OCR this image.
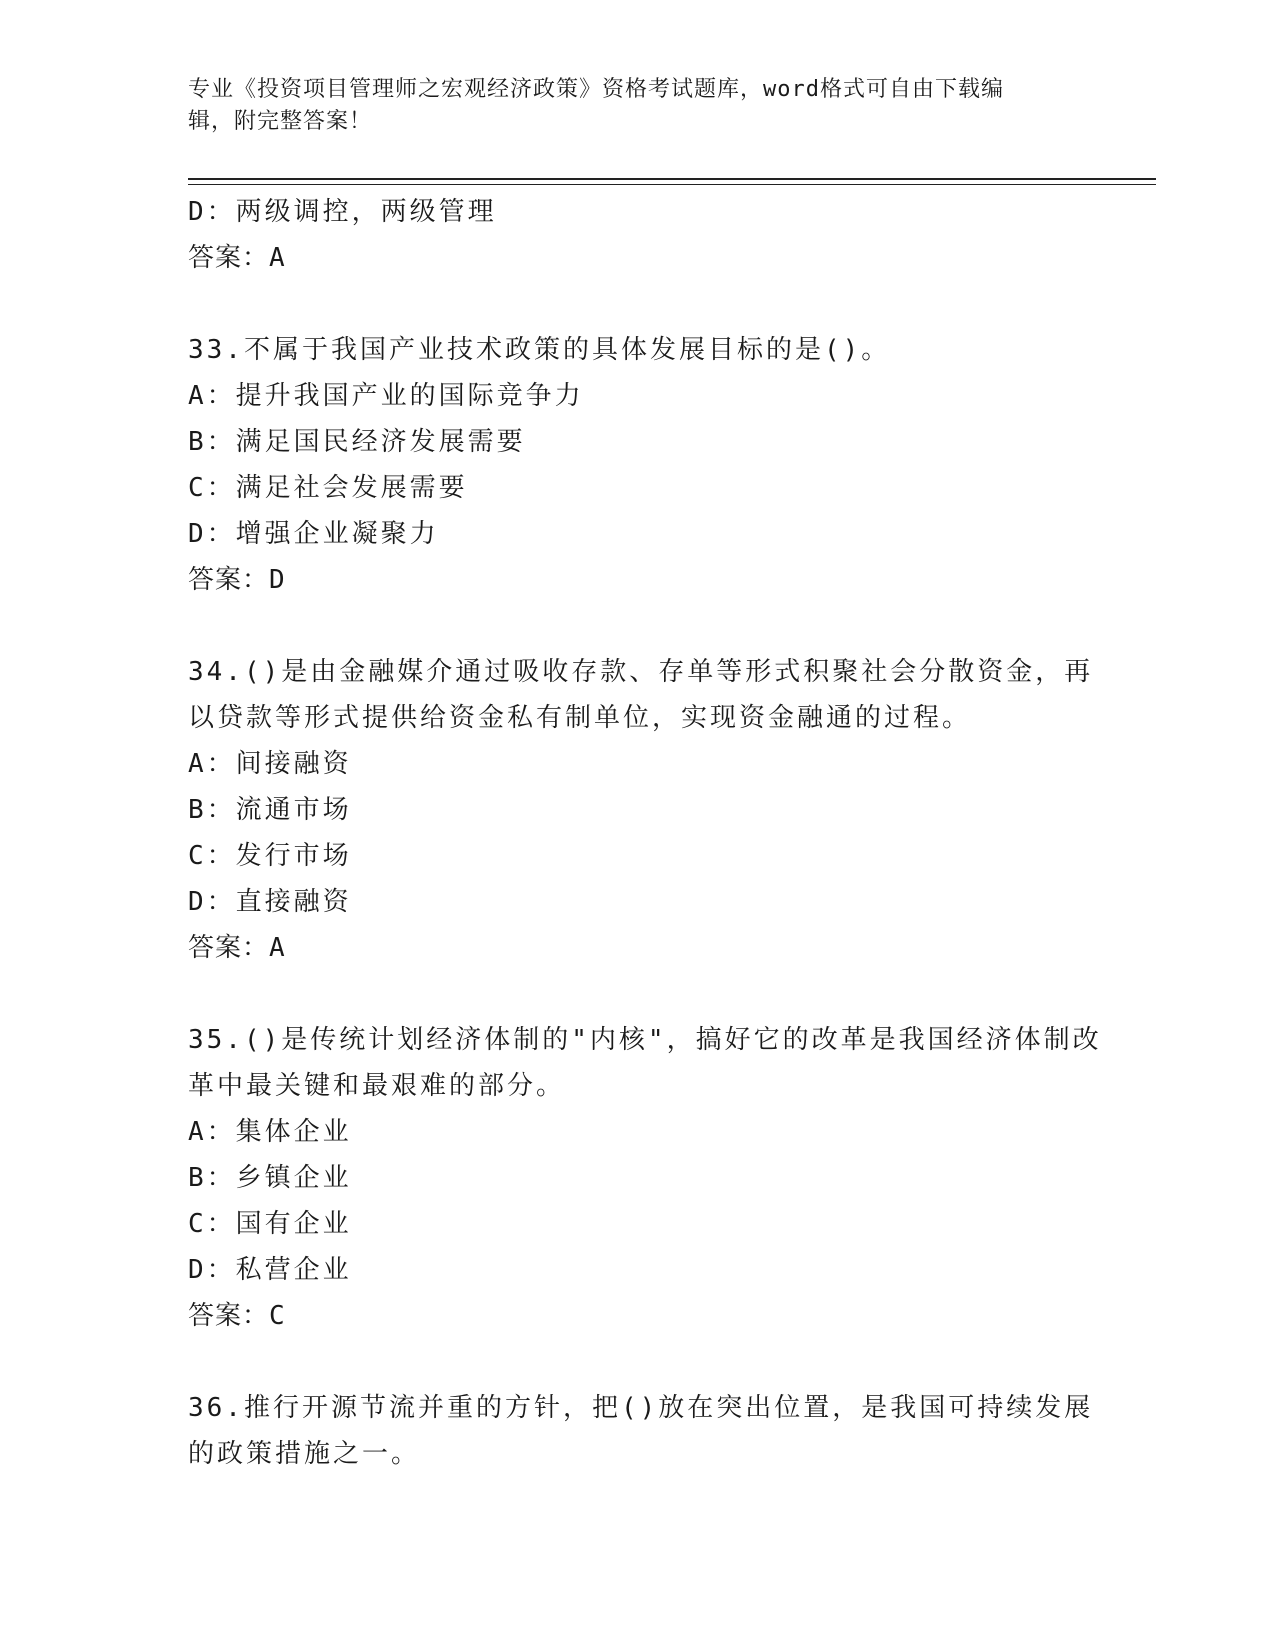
专业《投资项目管理师之宏观经济政策》资格考试题库，word格式可自由下载编
辑，附完整答案！
D：两级调控，两级管理
答案：A
33.不属于我国产业技术政策的具体发展目标的是()。
A：提升我国产业的国际竞争力
B：满足国民经济发展需要
C：满足社会发展需要
D：增强企业凝聚力
答案：D
34.()是由金融媒介通过吸收存款、存单等形式积聚社会分散资金，再
以贷款等形式提供给资金私有制单位，实现资金融通的过程。
A：间接融资
B：流通市场
C：发行市场
D：直接融资
答案：A
35.()是传统计划经济体制的"内核"，搞好它的改革是我国经济体制改
革中最关键和最艰难的部分。
A：集体企业
B：乡镇企业
C：国有企业
D：私营企业
答案：C
36.推行开源节流并重的方针，把()放在突出位置，是我国可持续发展
的政策措施之一。
